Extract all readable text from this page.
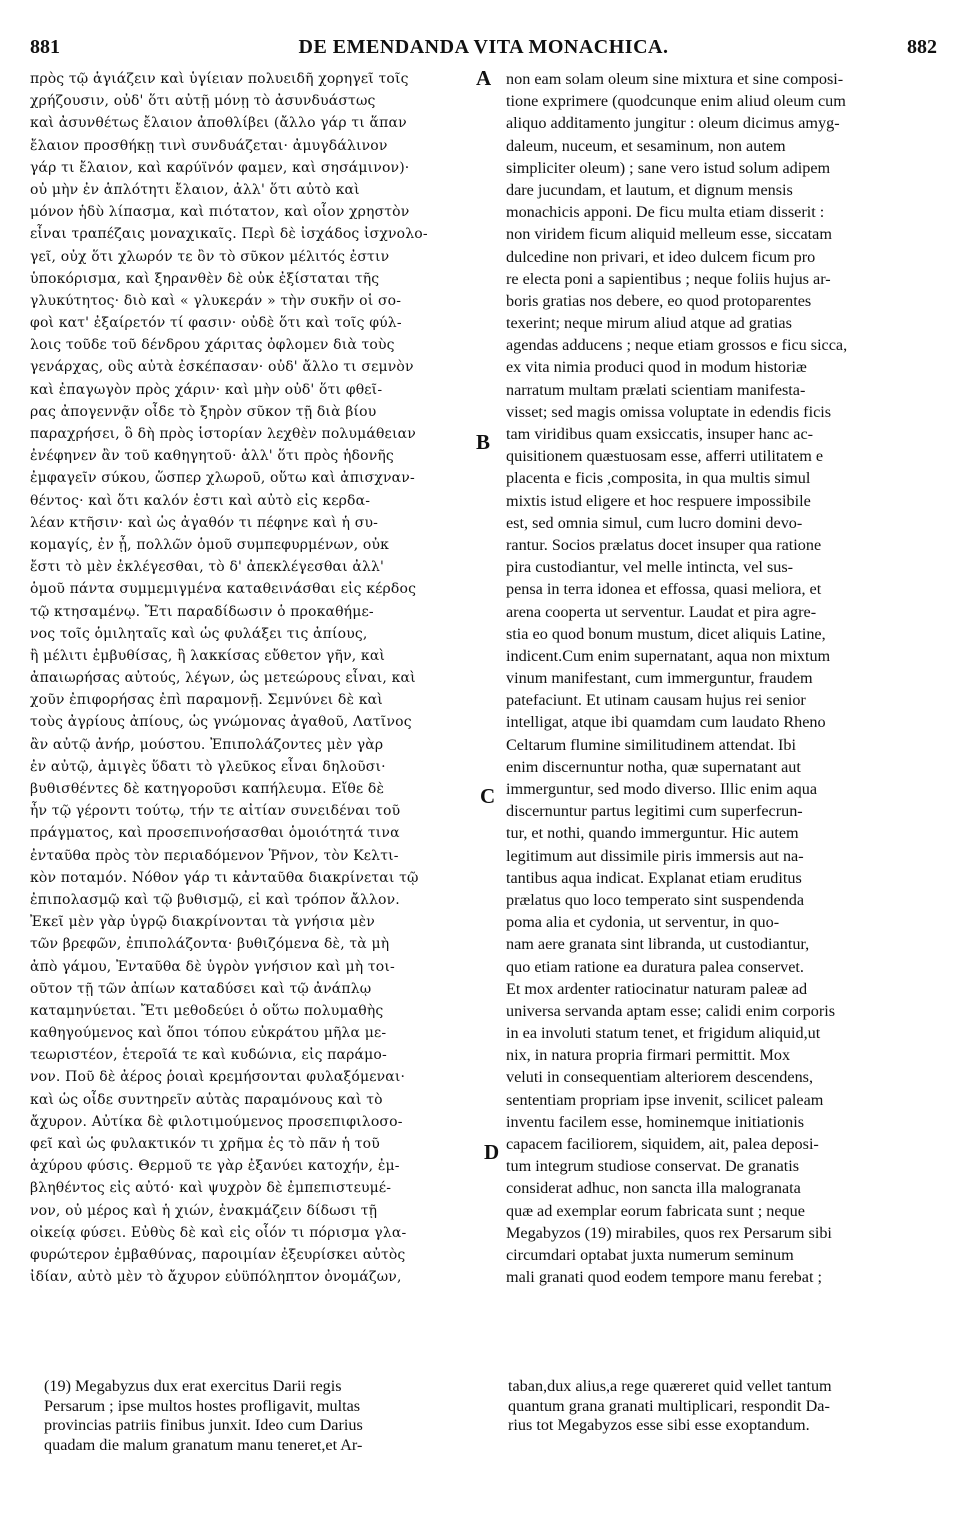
881	DE EMENDANDA VITA MONACHICA.	882
πρὸς τῷ ἁγιάζειν καὶ ὑγίειαν πολυειδῆ χορηγεῖ τοῖς
χρήζουσιν, οὐδ' ὅτι αὐτῇ μόνῃ τὸ ἀσυνδυάστως
καὶ ἀσυνθέτως ἔλαιον ἀποθλίβει (ἄλλο γάρ τι ἅπαν
ἔλαιον προσθήκῃ τινὶ συνδυάζεται· ἀμυγδάλινον
γάρ τι ἔλαιον, καὶ καρύϊνόν φαμεν, καὶ σησάμινον)·
οὐ μὴν ἐν ἁπλότητι ἔλαιον, ἀλλ' ὅτι αὐτὸ καὶ
μόνον ἡδὺ λίπασμα, καὶ πιότατον, καὶ οἷον χρηστὸν
εἶναι τραπέζαις μοναχικαῖς. Περὶ δὲ ἰσχάδος ἰσχνολο-
γεῖ, οὐχ ὅτι χλωρόν τε ὂν τὸ σῦκον μέλιτός ἐστιν
ὑποκόρισμα, καὶ ξηρανθὲν δὲ οὐκ ἐξίσταται τῆς
γλυκύτητος· διὸ καὶ « γλυκεράν » τὴν συκῆν οἱ σο-
φοὶ κατ' ἐξαίρετόν τί φασιν· οὐδὲ ὅτι καὶ τοῖς φύλ-
λοις τοῦδε τοῦ δένδρου χάριτας ὀφλομεν διὰ τοὺς
γενάρχας, οὓς αὐτὰ ἐσκέπασαν· οὐδ' ἄλλο τι σεμνὸν
καὶ ἐπαγωγὸν πρὸς χάριν· καὶ μὴν οὐδ' ὅτι φθεῖ-
ρας ἀπογεννᾷν οἶδε τὸ ξηρὸν σῦκον τῇ διὰ βίου
παραχρήσει, ὃ δὴ πρὸς ἱστορίαν λεχθὲν πολυμάθειαν
ἐνέφηνεν ἂν τοῦ καθηγητοῦ· ἀλλ' ὅτι πρὸς ἡδονῆς
ἐμφαγεῖν σύκου, ὥσπερ χλωροῦ, οὕτω καὶ ἀπισχναν-
θέντος· καὶ ὅτι καλόν ἐστι καὶ αὐτὸ εἰς κερδα-
λέαν κτῆσιν· καὶ ὡς ἀγαθόν τι πέφηνε καὶ ἡ συ-
κομαγίς, ἐν ᾗ, πολλῶν ὁμοῦ συμπεφυρμένων, οὐκ
ἔστι τὸ μὲν ἐκλέγεσθαι, τὸ δ' ἀπεκλέγεσθαι ἀλλ'
ὁμοῦ πάντα συμμεμιγμένα καταθεινάσθαι εἰς κέρδος
τῷ κτησαμένῳ. Ἔτι παραδίδωσιν ὁ προκαθήμε-
νος τοῖς ὁμιληταῖς καὶ ὡς φυλάξει τις ἀπίους,
ἢ μέλιτι ἐμβυθίσας, ἢ λακκίσας εὔθετον γῆν, καὶ
ἀπαιωρήσας αὐτούς, λέγων, ὡς μετεώρους εἶναι, καὶ
χοῦν ἐπιφορήσας ἐπὶ παραμονῇ. Σεμνύνει δὲ καὶ
τοὺς ἀγρίους ἀπίους, ὡς γνώμονας ἀγαθοῦ, Λατῖνος
ἂν αὐτῷ ἀνήρ, μούστου. Ἐπιπολάζοντες μὲν γὰρ
ἐν αὐτῷ, ἀμιγὲς ὕδατι τὸ γλεῦκος εἶναι δηλοῦσι·
βυθισθέντες δὲ κατηγοροῦσι καπήλευμα. Εἴθε δὲ
ἦν τῷ γέροντι τούτῳ, τήν τε αἰτίαν συνειδέναι τοῦ
πράγματος, καὶ προσεπινοήσασθαι ὁμοιότητά τινα
ἐνταῦθα πρὸς τὸν περιαδόμενον Ῥῆνον, τὸν Κελτι-
κὸν ποταμόν. Νόθον γάρ τι κἀνταῦθα διακρίνεται τῷ
ἐπιπολασμῷ καὶ τῷ βυθισμῷ, εἰ καὶ τρόπον ἄλλον.
Ἐκεῖ μὲν γὰρ ὑγρῷ διακρίνονται τὰ γνήσια μὲν
τῶν βρεφῶν, ἐπιπολάζοντα· βυθιζόμενα δὲ, τὰ μὴ
ἀπὸ γάμου, Ἐνταῦθα δὲ ὑγρὸν γνήσιον καὶ μὴ τοι-
οῦτον τῇ τῶν ἀπίων καταδύσει καὶ τῷ ἀνάπλῳ
καταμηνύεται. Ἔτι μεθοδεύει ὁ οὕτω πολυμαθὴς
καθηγούμενος καὶ ὅποι τόπου εὐκράτου μῆλα με-
τεωριστέον, ἑτεροῖά τε καὶ κυδώνια, εἰς παράμο-
νον. Ποῦ δὲ ἀέρος ῥοιαὶ κρεμήσονται φυλαξόμεναι·
καὶ ὡς οἶδε συντηρεῖν αὐτὰς παραμόνους καὶ τὸ
ἄχυρον. Αὐτίκα δὲ φιλοτιμούμενος προσεπιφιλοσο-
φεῖ καὶ ὡς φυλακτικόν τι χρῆμα ἐς τὸ πᾶν ἡ τοῦ
ἀχύρου φύσις. Θερμοῦ τε γὰρ ἐξανύει κατοχήν, ἐμ-
βληθέντος εἰς αὐτό· καὶ ψυχρὸν δὲ ἐμπεπιστευμέ-
νον, οὐ μέρος καὶ ἡ χιών, ἐνακμάζειν δίδωσι τῇ
οἰκείᾳ φύσει. Εὐθὺς δὲ καὶ εἰς οἷόν τι πόρισμα γλα-
φυρώτερον ἐμβαθύνας, παροιμίαν ἐξευρίσκει αὐτὸς
ἰδίαν, αὐτὸ μὲν τὸ ἄχυρον εὐϋπόληπτον ὀνομάζων,
non eam solam oleum sine mixtura et sine composi-
tione exprimere (quodcunque enim aliud oleum cum
aliquo additamento jungitur : oleum dicimus amyg-
daleum, nuceum, et sesaminum, non autem
simpliciter oleum) ; sane vero istud solum adipem
dare jucundam, et lautum, et dignum mensis
monachicis apponi. De ficu multa etiam disserit :
non viridem ficum aliquid melleum esse, siccatam
dulcedine non privari, et ideo dulcem ficum pro
re electa poni a sapientibus ; neque foliis hujus ar-
boris gratias nos debere, eo quod protoparentes
texerint; neque mirum aliud atque ad gratias
agendas adducens ; neque etiam grossos e ficu sicca,
ex vita nimia produci quod in modum historiæ
narratum multam prælati scientiam manifesta-
visset; sed magis omissa voluptate in edendis ficis
tam viridibus quam exsiccatis, insuper hanc ac-
quisitionem quæstuosam esse, afferri utilitatem e
placenta e ficis ,composita, in qua multis simul
mixtis istud eligere et hoc respuere impossibile
est, sed omnia simul, cum lucro domini devo-
rantur. Socios prælatus docet insuper qua ratione
pira custodiantur, vel melle intincta, vel sus-
pensa in terra idonea et effossa, quasi meliora, et
arena cooperta ut serventur. Laudat et pira agre-
stia eo quod bonum mustum, dicet aliquis Latine,
indicent.Cum enim supernatant, aqua non mixtum
vinum manifestant, cum immerguntur, fraudem
patefaciunt. Et utinam causam hujus rei senior
intelligat, atque ibi quamdam cum laudato Rheno
Celtarum flumine similitudinem attendat. Ibi
enim discernuntur notha, quæ supernatant aut
immerguntur, sed modo diverso. Illic enim aqua
discernuntur partus legitimi cum superfecrun-
tur, et nothi, quando immerguntur. Hic autem
legitimum aut dissimile piris immersis aut na-
tantibus aqua indicat. Explanat etiam eruditus
prælatus quo loco temperato sint suspendenda
poma alia et cydonia, ut serventur, in quo-
nam aere granata sint libranda, ut custodiantur,
quo etiam ratione ea duratura palea conservet.
Et mox ardenter ratiocinatur naturam paleæ ad
universa servanda aptam esse; calidi enim corporis
in ea involuti statum tenet, et frigidum aliquid,ut
nix, in natura propria firmari permittit. Mox
veluti in consequentiam alteriorem descendens,
sententiam propriam ipse invenit, scilicet paleam
inventu facilem esse, hominemque initiationis
capacem faciliorem, siquidem, ait, palea deposi-
tum integrum studiose conservat. De granatis
considerat adhuc, non sancta illa malogranata
quæ ad exemplar eorum fabricata sunt ; neque
Megabyzos (19) mirabiles, quos rex Persarum sibi
circumdari optabat juxta numerum seminum
mali granati quod eodem tempore manu ferebat ;
A
B
C
D
(19) Megabyzus dux erat exercitus Darii regis
Persarum ; ipse multos hostes profligavit, multas
provincias patriis finibus junxit. Ideo cum Darius
quadam die malum granatum manu teneret,et Ar-
taban,dux alius,a rege quæreret quid vellet tantum
quantum grana granati multiplicari, respondit Da-
rius tot Megabyzos esse sibi esse exoptandum.
